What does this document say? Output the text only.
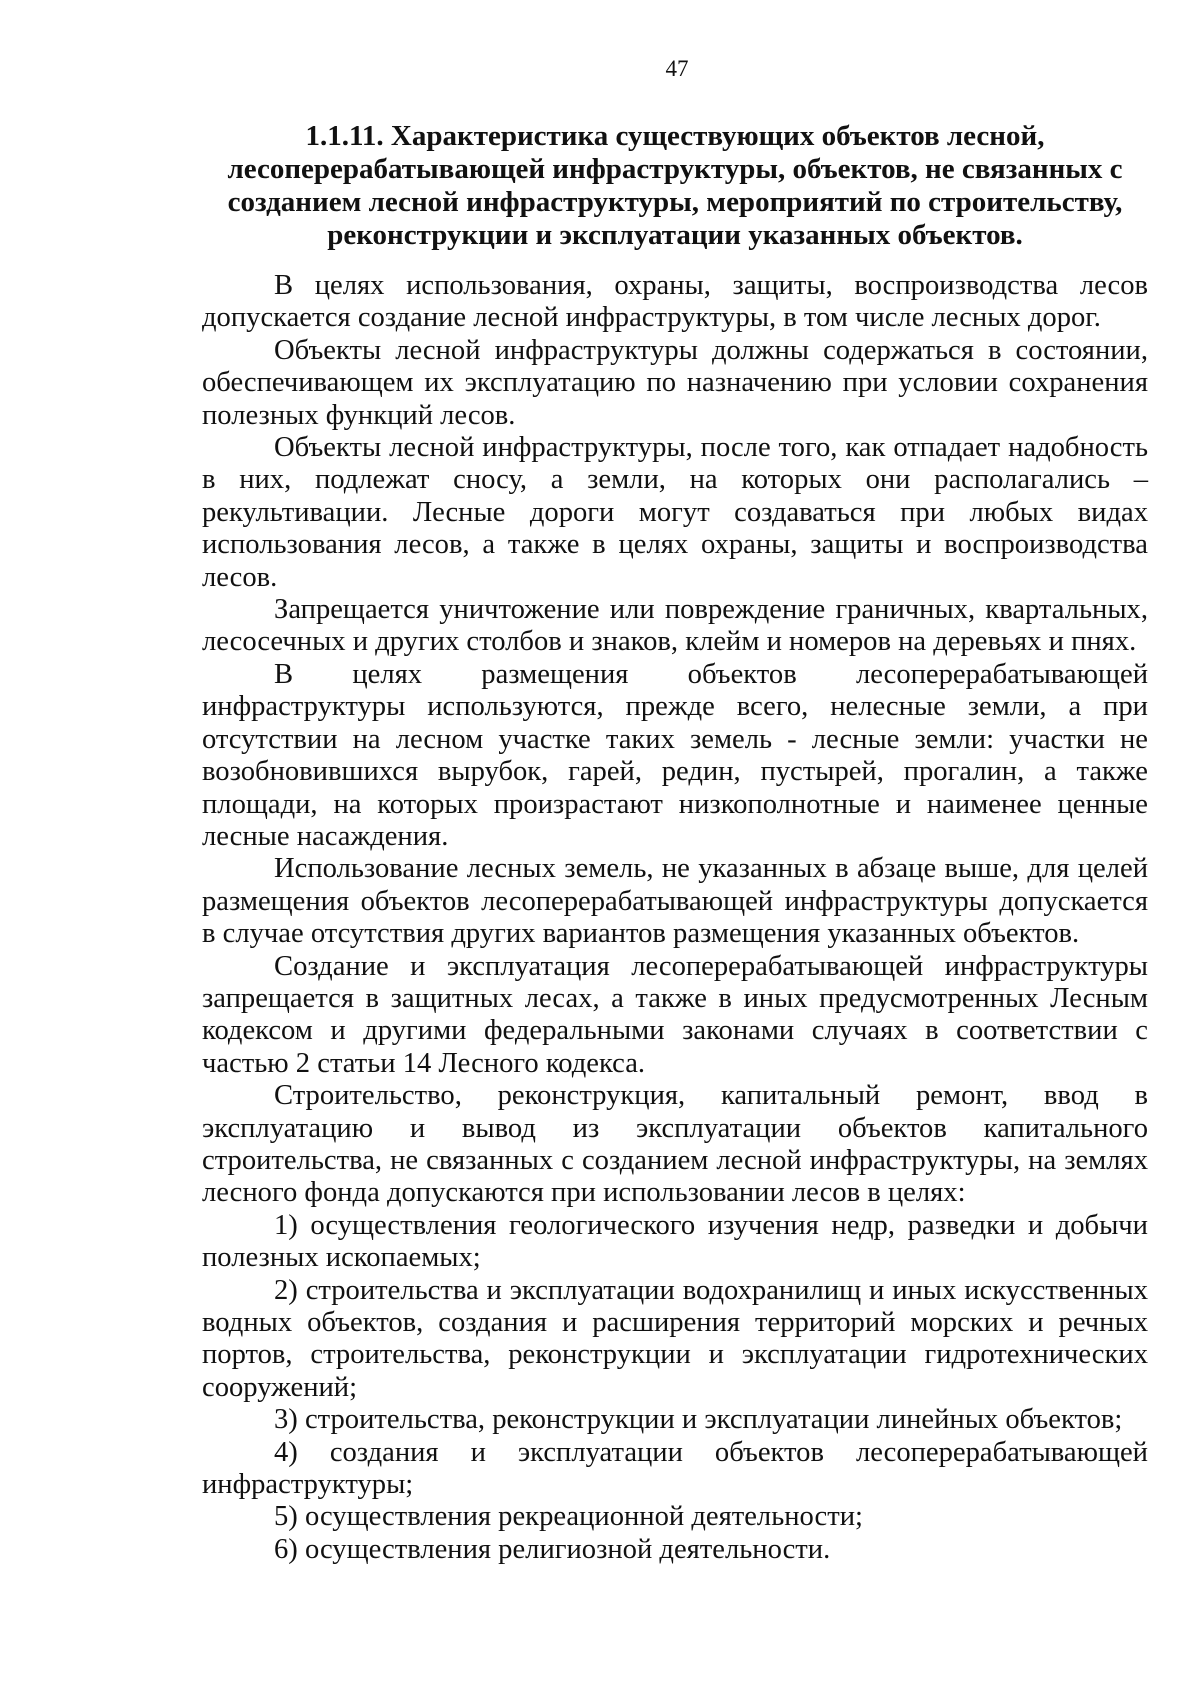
47
1.1.11. Характеристика существующих объектов лесной, лесоперерабатывающей инфраструктуры, объектов, не связанных с созданием лесной инфраструктуры, мероприятий по строительству, реконструкции и эксплуатации указанных объектов.

В целях использования, охраны, защиты, воспроизводства лесов допускается создание лесной инфраструктуры, в том числе лесных дорог.

Объекты лесной инфраструктуры должны содержаться в состоянии, обеспечивающем их эксплуатацию по назначению при условии сохранения полезных функций лесов.

Объекты лесной инфраструктуры, после того, как отпадает надобность в них, подлежат сносу, а земли, на которых они располагались – рекультивации. Лесные дороги могут создаваться при любых видах использования лесов, а также в целях охраны, защиты и воспроизводства лесов.

Запрещается уничтожение или повреждение граничных, квартальных, лесосечных и других столбов и знаков, клейм и номеров на деревьях и пнях.

В целях размещения объектов лесоперерабатывающей инфраструктуры используются, прежде всего, нелесные земли, а при отсутствии на лесном участке таких земель - лесные земли: участки не возобновившихся вырубок, гарей, редин, пустырей, прогалин, а также площади, на которых произрастают низкополнотные и наименее ценные лесные насаждения.

Использование лесных земель, не указанных в абзаце выше, для целей размещения объектов лесоперерабатывающей инфраструктуры допускается в случае отсутствия других вариантов размещения указанных объектов.

Создание и эксплуатация лесоперерабатывающей инфраструктуры запрещается в защитных лесах, а также в иных предусмотренных Лесным кодексом и другими федеральными законами случаях в соответствии с частью 2 статьи 14 Лесного кодекса.

Строительство, реконструкция, капитальный ремонт, ввод в эксплуатацию и вывод из эксплуатации объектов капитального строительства, не связанных с созданием лесной инфраструктуры, на землях лесного фонда допускаются при использовании лесов в целях:

1) осуществления геологического изучения недр, разведки и добычи полезных ископаемых;

2) строительства и эксплуатации водохранилищ и иных искусственных водных объектов, создания и расширения территорий морских и речных портов, строительства, реконструкции и эксплуатации гидротехнических сооружений;

3) строительства, реконструкции и эксплуатации линейных объектов;

4) создания и эксплуатации объектов лесоперерабатывающей инфраструктуры;

5) осуществления рекреационной деятельности;

6) осуществления религиозной деятельности.
